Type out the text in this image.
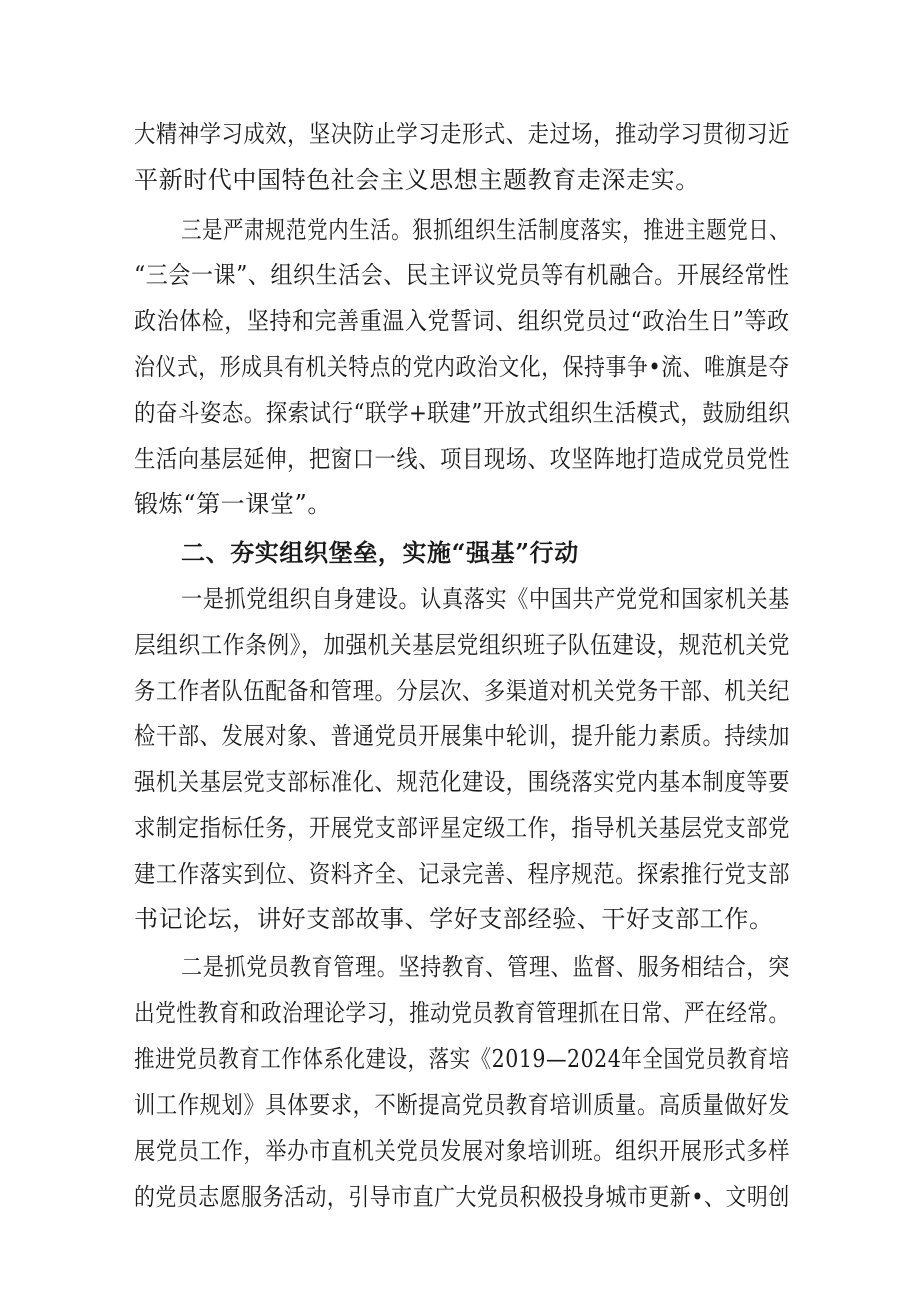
大精神学习成效，坚决防止学习走形式、走过场，推动学习贯彻习近
平新时代中国特色社会主义思想主题教育走深走实。
三是严肃规范党内生活。狠抓组织生活制度落实，推进主题党日、
“三会一课”、组织生活会、民主评议党员等有机融合。开展经常性
政治体检，坚持和完善重温入党誓词、组织党员过“政治生日”等政
治仪式，形成具有机关特点的党内政治文化，保持事争•流、唯旗是夺
的奋斗姿态。探索试行“联学+联建”开放式组织生活模式，鼓励组织
生活向基层延伸，把窗口一线、项目现场、攻坚阵地打造成党员党性
锻炼“第一课堂”。
二、夯实组织堡垒，实施“强基”行动
一是抓党组织自身建设。认真落实《中国共产党党和国家机关基
层组织工作条例》，加强机关基层党组织班子队伍建设，规范机关党
务工作者队伍配备和管理。分层次、多渠道对机关党务干部、机关纪
检干部、发展对象、普通党员开展集中轮训，提升能力素质。持续加
强机关基层党支部标准化、规范化建设，围绕落实党内基本制度等要
求制定指标任务，开展党支部评星定级工作，指导机关基层党支部党
建工作落实到位、资料齐全、记录完善、程序规范。探索推行党支部
书记论坛，讲好支部故事、学好支部经验、干好支部工作。
二是抓党员教育管理。坚持教育、管理、监督、服务相结合，突
出党性教育和政治理论学习，推动党员教育管理抓在日常、严在经常。
推进党员教育工作体系化建设，落实《2019—2024年全国党员教育培
训工作规划》具体要求，不断提高党员教育培训质量。高质量做好发
展党员工作，举办市直机关党员发展对象培训班。组织开展形式多样
的党员志愿服务活动，引导市直广大党员积极投身城市更新•、文明创
